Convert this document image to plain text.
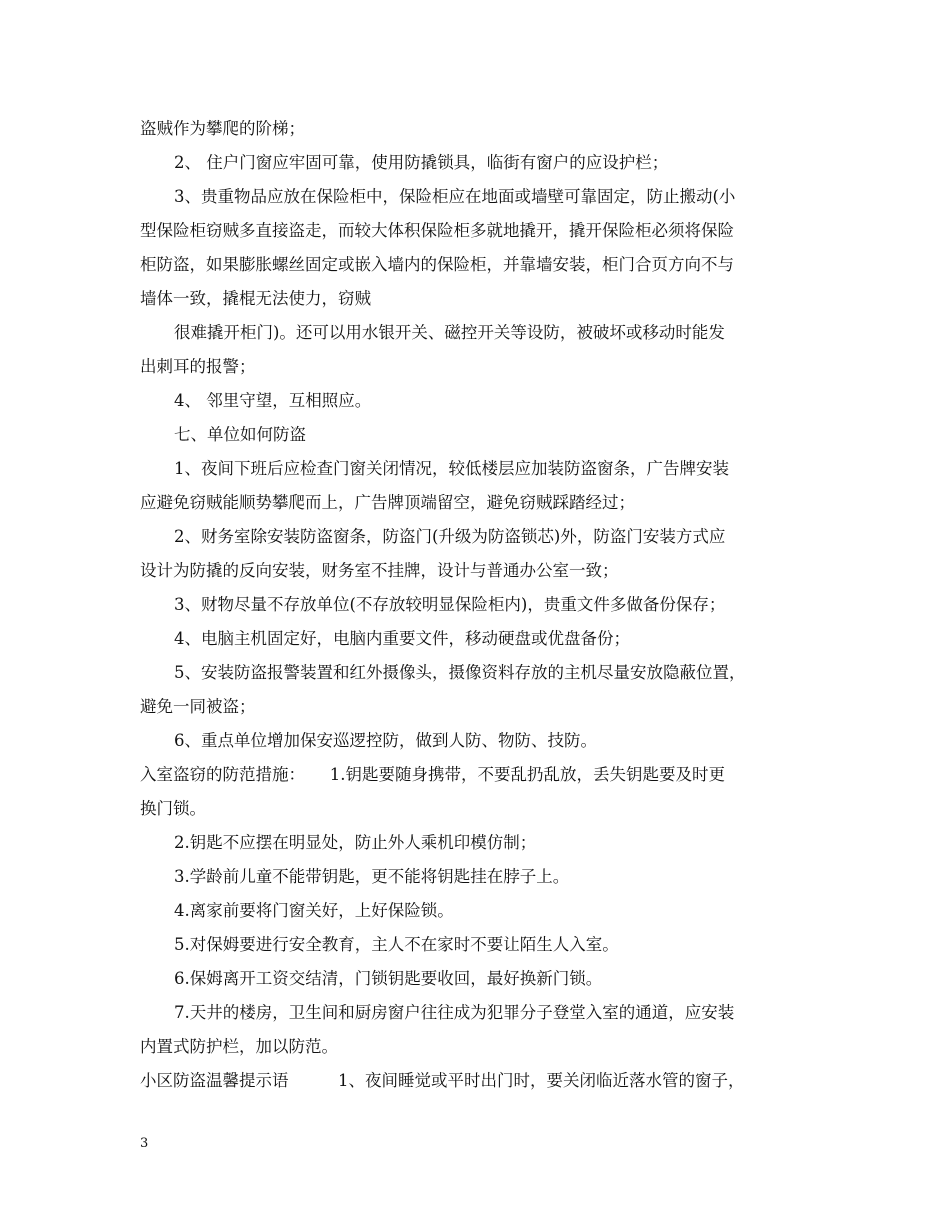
盗贼作为攀爬的阶梯；
2、 住户门窗应牢固可靠，使用防撬锁具，临街有窗户的应设护栏；
3、贵重物品应放在保险柜中，保险柜应在地面或墙壁可靠固定，防止搬动(小
型保险柜窃贼多直接盗走，而较大体积保险柜多就地撬开，撬开保险柜必须将保险
柜防盗，如果膨胀螺丝固定或嵌入墙内的保险柜，并靠墙安装，柜门合页方向不与
墙体一致，撬棍无法使力，窃贼
很难撬开柜门)。还可以用水银开关、磁控开关等设防，被破坏或移动时能发
出刺耳的报警；
4、 邻里守望，互相照应。
七、单位如何防盗
1、夜间下班后应检查门窗关闭情况，较低楼层应加装防盗窗条，广告牌安装
应避免窃贼能顺势攀爬而上，广告牌顶端留空，避免窃贼踩踏经过；
2、财务室除安装防盗窗条，防盗门(升级为防盗锁芯)外，防盗门安装方式应
设计为防撬的反向安装，财务室不挂牌，设计与普通办公室一致；
3、财物尽量不存放单位(不存放较明显保险柜内)，贵重文件多做备份保存；
4、电脑主机固定好，电脑内重要文件，移动硬盘或优盘备份；
5、安装防盗报警装置和红外摄像头，摄像资料存放的主机尽量安放隐蔽位置，
避免一同被盗；
6、重点单位增加保安巡逻控防，做到人防、物防、技防。
入室盗窃的防范措施：　　1.钥匙要随身携带，不要乱扔乱放，丢失钥匙要及时更
换门锁。
2.钥匙不应摆在明显处，防止外人乘机印模仿制；
3.学龄前儿童不能带钥匙，更不能将钥匙挂在脖子上。
4.离家前要将门窗关好，上好保险锁。
5.对保姆要进行安全教育，主人不在家时不要让陌生人入室。
6.保姆离开工资交结清，门锁钥匙要收回，最好换新门锁。
7.天井的楼房，卫生间和厨房窗户往往成为犯罪分子登堂入室的通道，应安装
内置式防护栏，加以防范。
小区防盗温馨提示语　　　1、夜间睡觉或平时出门时，要关闭临近落水管的窗子，
3
